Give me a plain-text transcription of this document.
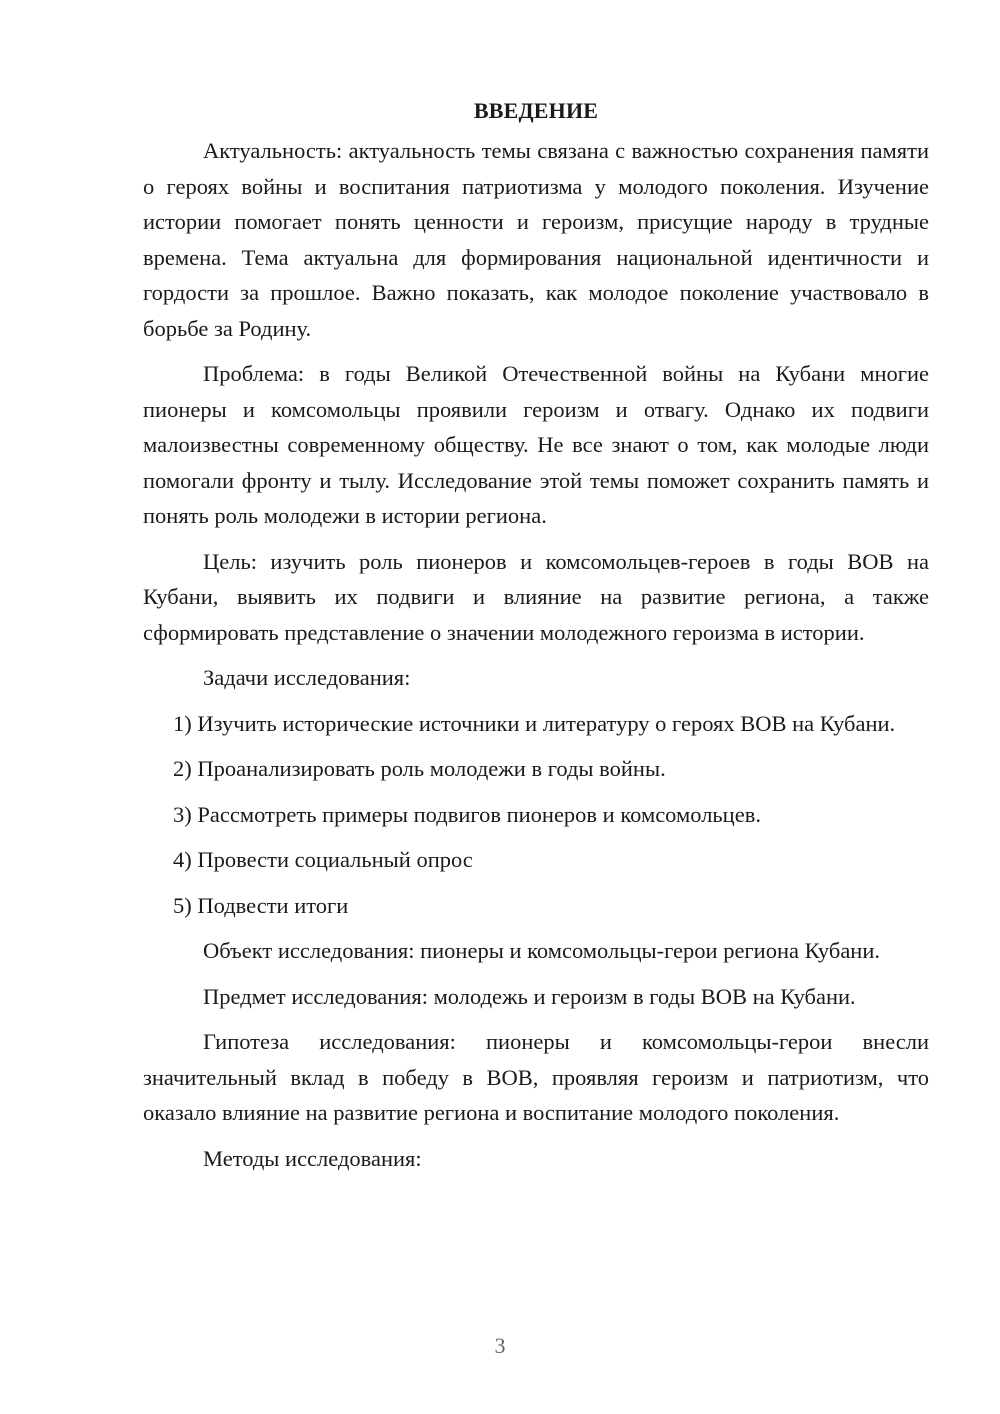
ВВЕДЕНИЕ

Актуальность: актуальность темы связана с важностью сохранения памяти о героях войны и воспитания патриотизма у молодого поколения. Изучение истории помогает понять ценности и героизм, присущие народу в трудные времена. Тема актуальна для формирования национальной идентичности и гордости за прошлое. Важно показать, как молодое поколение участвовало в борьбе за Родину.

Проблема: в годы Великой Отечественной войны на Кубани многие пионеры и комсомольцы проявили героизм и отвагу. Однако их подвиги малоизвестны современному обществу. Не все знают о том, как молодые люди помогали фронту и тылу. Исследование этой темы поможет сохранить память и понять роль молодежи в истории региона.

Цель: изучить роль пионеров и комсомольцев-героев в годы ВОВ на Кубани, выявить их подвиги и влияние на развитие региона, а также сформировать представление о значении молодежного героизма в истории.

Задачи исследования:

1) Изучить исторические источники и литературу о героях ВОВ на Кубани.

2) Проанализировать роль молодежи в годы войны.

3) Рассмотреть примеры подвигов пионеров и комсомольцев.

4) Провести социальный опрос

5) Подвести итоги

Объект исследования: пионеры и комсомольцы-герои региона Кубани.

Предмет исследования: молодежь и героизм в годы ВОВ на Кубани.

Гипотеза исследования: пионеры и комсомольцы-герои внесли значительный вклад в победу в ВОВ, проявляя героизм и патриотизм, что оказало влияние на развитие региона и воспитание молодого поколения.

Методы исследования:

3
